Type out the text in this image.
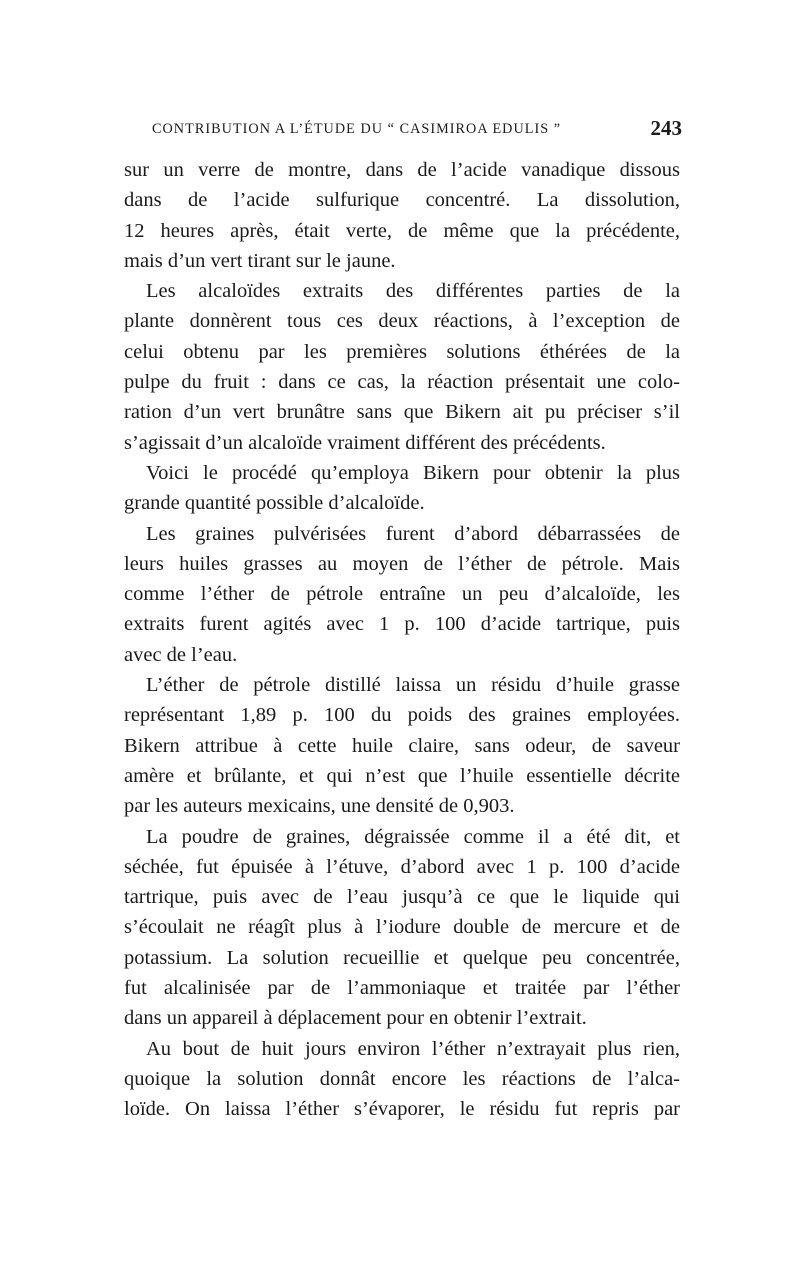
CONTRIBUTION A L’ÉTUDE DU “ CASIMIROA EDULIS ”	243
sur un verre de montre, dans de l’acide vanadique dissous
dans de l’acide sulfurique concentré. La dissolution,
12 heures après, était verte, de même que la précédente,
mais d’un vert tirant sur le jaune.
Les alcaloïdes extraits des différentes parties de la
plante donnèrent tous ces deux réactions, à l’exception de
celui obtenu par les premières solutions éthérées de la
pulpe du fruit : dans ce cas, la réaction présentait une colo-
ration d’un vert brunâtre sans que Bikern ait pu préciser s’il
s’agissait d’un alcaloïde vraiment différent des précédents.
Voici le procédé qu’employa Bikern pour obtenir la plus
grande quantité possible d’alcaloïde.
Les graines pulvérisées furent d’abord débarrassées de
leurs huiles grasses au moyen de l’éther de pétrole. Mais
comme l’éther de pétrole entraîne un peu d’alcaloïde, les
extraits furent agités avec 1 p. 100 d’acide tartrique, puis
avec de l’eau.
L’éther de pétrole distillé laissa un résidu d’huile grasse
représentant 1,89 p. 100 du poids des graines employées.
Bikern attribue à cette huile claire, sans odeur, de saveur
amère et brûlante, et qui n’est que l’huile essentielle décrite
par les auteurs mexicains, une densité de 0,903.
La poudre de graines, dégraissée comme il a été dit, et
séchée, fut épuisée à l’étuve, d’abord avec 1 p. 100 d’acide
tartrique, puis avec de l’eau jusqu’à ce que le liquide qui
s’écoulait ne réagît plus à l’iodure double de mercure et de
potassium. La solution recueillie et quelque peu concentrée,
fut alcalinisée par de l’ammoniaque et traitée par l’éther
dans un appareil à déplacement pour en obtenir l’extrait.
Au bout de huit jours environ l’éther n’extrayait plus rien,
quoique la solution donnât encore les réactions de l’alca-
loïde. On laissa l’éther s’évaporer, le résidu fut repris par
